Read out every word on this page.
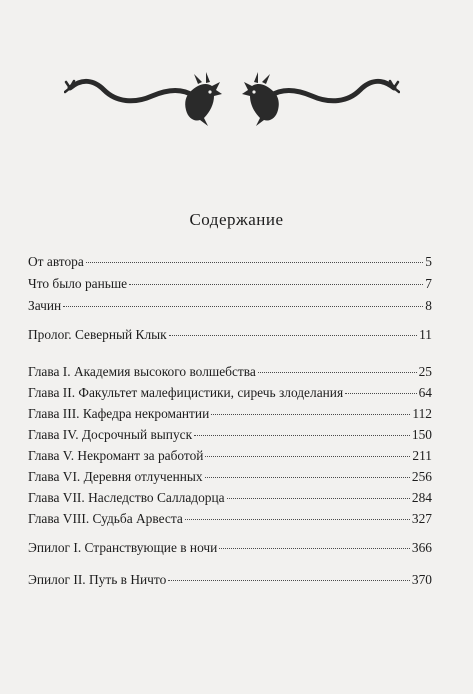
Содержание
От автора	5
Что было раньше	7
Зачин	8
Пролог. Северный Клык	11
Глава I. Академия высокого волшебства	25
Глава II. Факультет малефицистики, сиречь злоделания	64
Глава III. Кафедра некромантии	112
Глава IV. Досрочный выпуск	150
Глава V. Некромант за работой	211
Глава VI. Деревня отлученных	256
Глава VII. Наследство Салладорца	284
Глава VIII. Судьба Арвеста	327
Эпилог I. Странствующие в ночи	366
Эпилог II. Путь в Ничто	370
